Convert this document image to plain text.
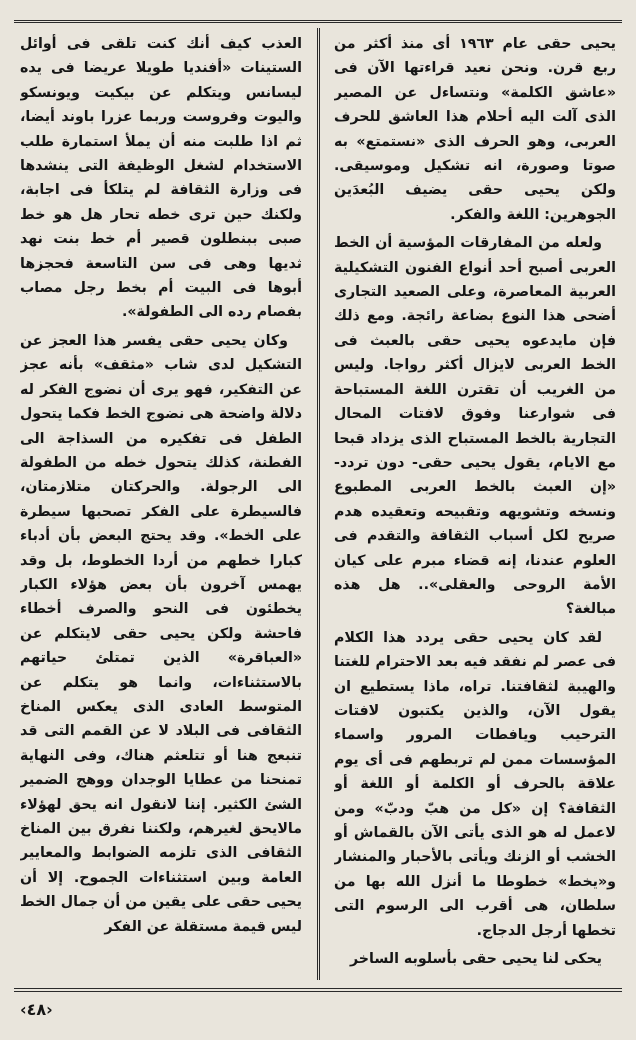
يحيى حقى عام ١٩٦٣ أى منذ أكثر من ربع قرن. ونحن نعيد قراءتها الآن فى «عاشق الكلمة» ونتساءل عن المصير الذى آلت اليه أحلام هذا العاشق للحرف العربى، وهو الحرف الذى «نستمتع» به صوتا وصورة، انه تشكيل وموسيقى. ولكن يحيى حقى يضيف البُعدَين الجوهرين: اللغة والفكر.

ولعله من المفارقات المؤسية أن الخط العربى أصبح أحد أنواع الفنون التشكيلية العربية المعاصرة، وعلى الصعيد التجارى أضحى هذا النوع بضاعة رائجة. ومع ذلك فإن مايدعوه يحيى حقى بالعبث فى الخط العربى لايزال أكثر رواجا. وليس من الغريب أن تقترن اللغة المستباحة فى شوارعنا وفوق لافتات المحال التجارية بالخط المستباح الذى يزداد قبحا مع الايام، يقول يحيى حقى- دون تردد- «إن العبث بالخط العربى المطبوع ونسخه وتشويهه وتقبيحه وتعقيده هدم صريح لكل أسباب الثقافة والتقدم فى العلوم عندنا، إنه قضاء مبرم على كيان الأمة الروحى والعقلى».. هل هذه مبالغة؟

لقد كان يحيى حقى يردد هذا الكلام فى عصر لم نفقد فيه بعد الاحترام للغتنا والهيبة لثقافتنا. تراه، ماذا يستطيع ان يقول الآن، والذين يكتبون لافتات الترحيب ويافطات المرور واسماء المؤسسات ممن لم تربطهم فى أى يوم علاقة بالحرف أو الكلمة أو اللغة أو الثقافة؟ إن «كل من هبّ ودبّ» ومن لاعمل له هو الذى يأتى الآن بالقماش أو الخشب أو الزنك ويأتى بالأحبار والمنشار و«يخط» خطوطا ما أنزل الله بها من سلطان، هى أقرب الى الرسوم التى تخطها أرجل الدجاج.

يحكى لنا يحيى حقى بأسلوبه الساخر

العذب كيف أنك كنت تلقى فى أوائل الستينات «أفنديا طويلا عريضا فى يده ليسانس ويتكلم عن بيكيت ويونسكو واليوت وفروست وربما عزرا باوند أيضا، ثم اذا طلبت منه أن يملأ استمارة طلب الاستخدام لشغل الوظيفة التى ينشدها فى وزارة الثقافة لم يتلكأ فى اجابة، ولكنك حين ترى خطه تحار هل هو خط صبى ببنطلون قصير أم خط بنت نهد ثديها وهى فى سن التاسعة فحجزها أبوها فى البيت أم بخط رجل مصاب بفصام رده الى الطفولة».

وكان يحيى حقى يفسر هذا العجز عن التشكيل لدى شاب «مثقف» بأنه عجز عن التفكير، فهو يرى أن نضوج الفكر له دلالة واضحة هى نضوج الخط فكما يتحول الطفل فى تفكيره من السذاجة الى الفطنة، كذلك يتحول خطه من الطفولة الى الرجولة. والحركتان متلازمتان، فالسيطرة على الفكر تصحبها سيطرة على الخط». وقد يحتج البعض بأن أدباء كبارا خطهم من أردا الخطوط، بل وقد يهمس آخرون بأن بعض هؤلاء الكبار يخطئون فى النحو والصرف أخطاء فاحشة ولكن يحيى حقى لايتكلم عن «العباقرة» الذين تمتلئ حياتهم بالاستثناءات، وانما هو يتكلم عن المتوسط العادى الذى يعكس المناخ الثقافى فى البلاد لا عن القمم التى قد تنبعج هنا أو تتلعثم هناك، وفى النهاية تمنحنا من عطايا الوجدان ووهج الضمير الشئ الكثير. إننا لانقول انه يحق لهؤلاء مالايحق لغيرهم، ولكننا نفرق بين المناخ الثقافى الذى تلزمه الضوابط والمعايير العامة وبين استثناءات الجموح. إلا أن يحيى حقى على يقين من أن جمال الخط ليس قيمة مستقلة عن الفكر

‹٤٨›
